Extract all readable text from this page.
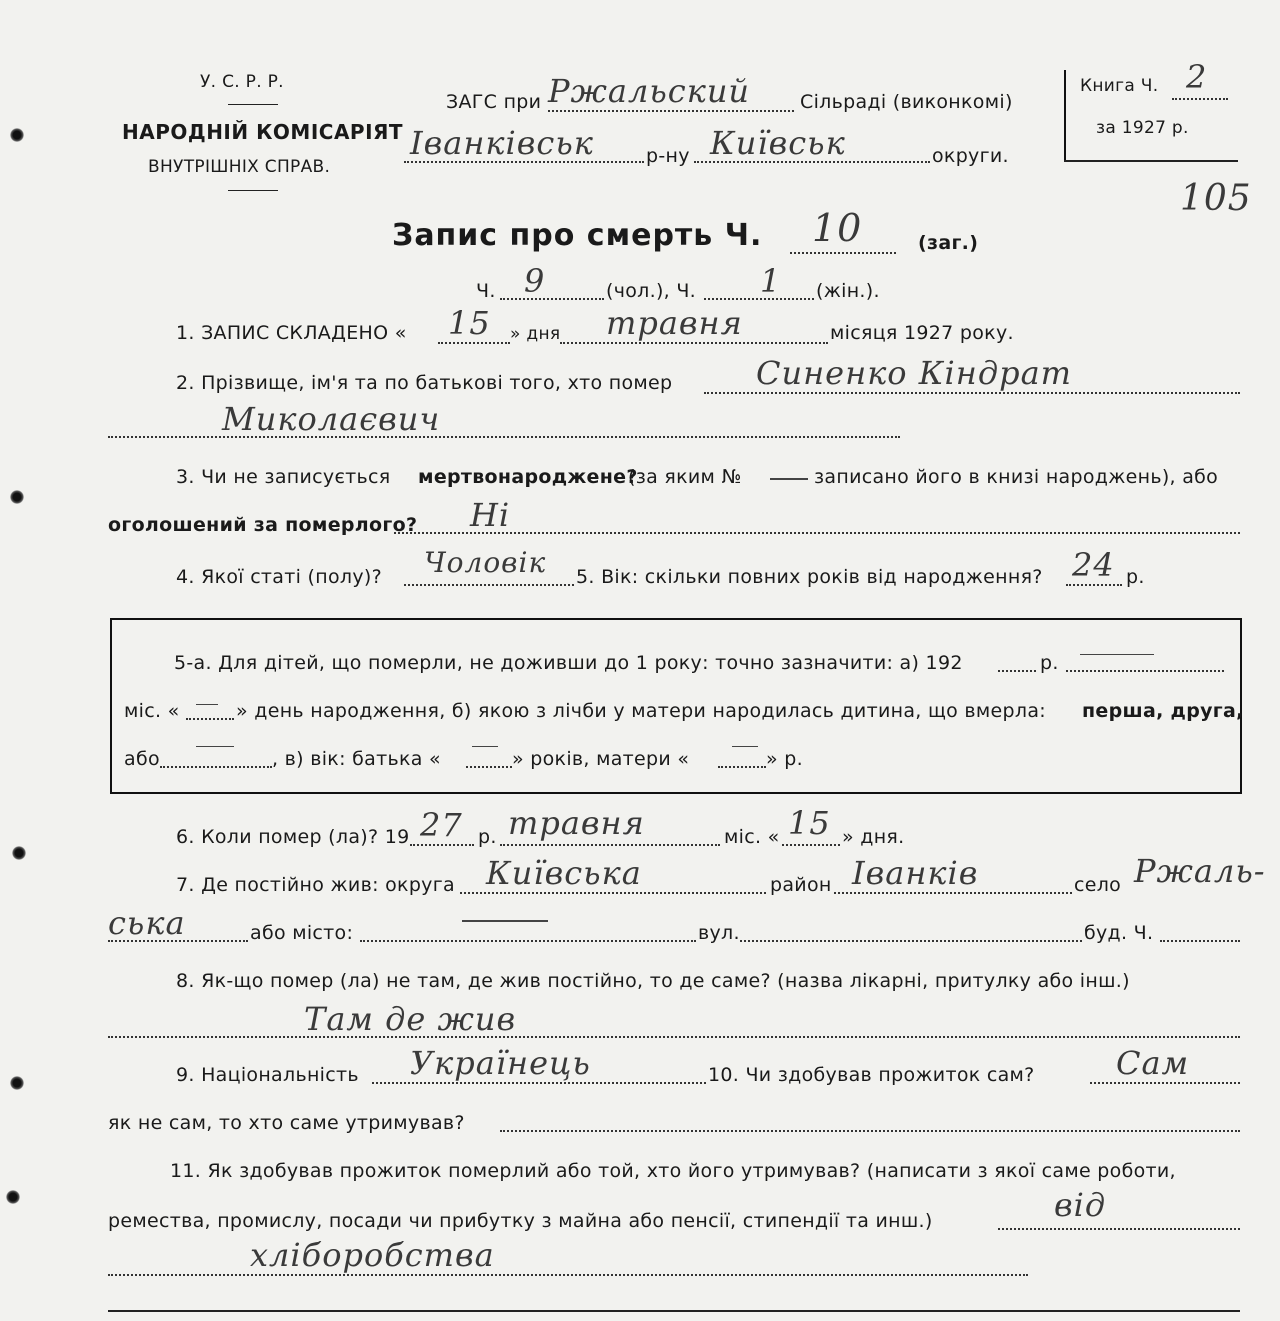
У. С. Р. Р.
НАРОДНІЙ КОМІСАРІЯТ
ВНУТРІШНІХ СПРАВ.
ЗАГС при Ржальский	Сільраді (виконкомі)
Іванківськ	р-ну Київськ	округи.
Книга Ч. 2
за 1927 р.
105
Запис про смерть Ч. 10	(заг.)
Ч. 9	(чол.), Ч. 1 (жін.).
1. ЗАПИС СКЛАДЕНО « 15 » дня травня	місяця 1927 року.
2. Прізвище, ім'я та по батькові того, хто помер	Синенко Кіндрат
Миколаєвич
3. Чи не записується мертвонароджене?
(за яким №	записано його в книзі народжень), або
оголошений за померлого? Ні
4. Якої статі (полу)? Чоловік 5. Вік: скільки повних років від народження? 24 р.
5-а. Для дітей, що померли, не доживши до 1 року: точно зазначити: а) 192	р.
міс. «	» день народження, б) якою з лічби у матери народилась дитина, що вмерла: перша, друга,
або	, в) вік: батька «	» років, матери «	» р.
6. Коли помер (ла)? 19 27 р. травня	міс. « 15 » дня.
7. Де постійно жив: округа Київська	район Іванків	село Ржаль-
ська	або місто:	вул.	буд. Ч.
8. Як-що помер (ла) не там, де жив постійно, то де саме? (назва лікарні, притулку або інш.)
Там де жив
9. Національність Українець	10. Чи здобував прожиток сам?	Сам
як не сам, то хто саме утримував?
11. Як здобував прожиток померлий або той, хто його утримував? (написати з якої саме роботи,
ремества, промислу, посади чи прибутку з майна або пенсії, стипендії та инш.)	від
хліборобства
